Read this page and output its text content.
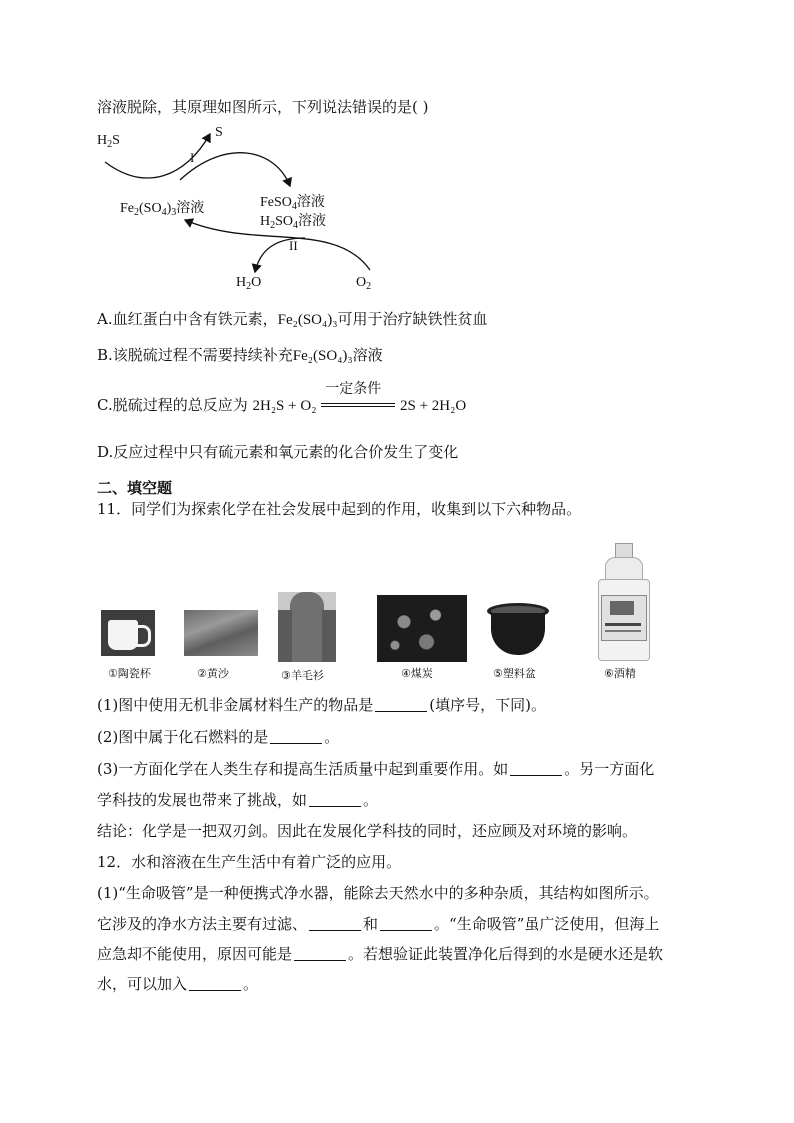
溶液脱除，其原理如图所示，下列说法错误的是( )
$H_2S$
S
I
$Fe_2(SO_4)_3$溶液	FeSO$_4$溶液
$H_2SO_4$溶液
II
$H_2O$	$O_2$
A.血红蛋白中含有铁元素，Fe₂(SO₄)₃可用于治疗缺铁性贫血
B.该脱硫过程不需要持续补充Fe₂(SO₄)₃溶液
C.脱硫过程的总反应为 2H₂S + O₂
一定条件
2S + 2H₂O
D.反应过程中只有硫元素和氧元素的化合价发生了变化
二、填空题
11．同学们为探索化学在社会发展中起到的作用，收集到以下六种物品。
①陶瓷杯	②黄沙	③羊毛衫	④煤炭	⑤塑料盆	⑥酒精
(1)图中使用无机非金属材料生产的物品是	(填序号，下同)。
(2)图中属于化石燃料的是	。
(3)一方面化学在人类生存和提高生活质量中起到重要作用。如	。另一方面化
学科技的发展也带来了挑战，如	。
结论：化学是一把双刃剑。因此在发展化学科技的同时，还应顾及对环境的影响。
12．水和溶液在生产生活中有着广泛的应用。
(1)“生命吸管”是一种便携式净水器，能除去天然水中的多种杂质，其结构如图所示。
它涉及的净水方法主要有过滤、	和	。“生命吸管”虽广泛使用，但海上
应急却不能使用，原因可能是	。若想验证此装置净化后得到的水是硬水还是软
水，可以加入	。
